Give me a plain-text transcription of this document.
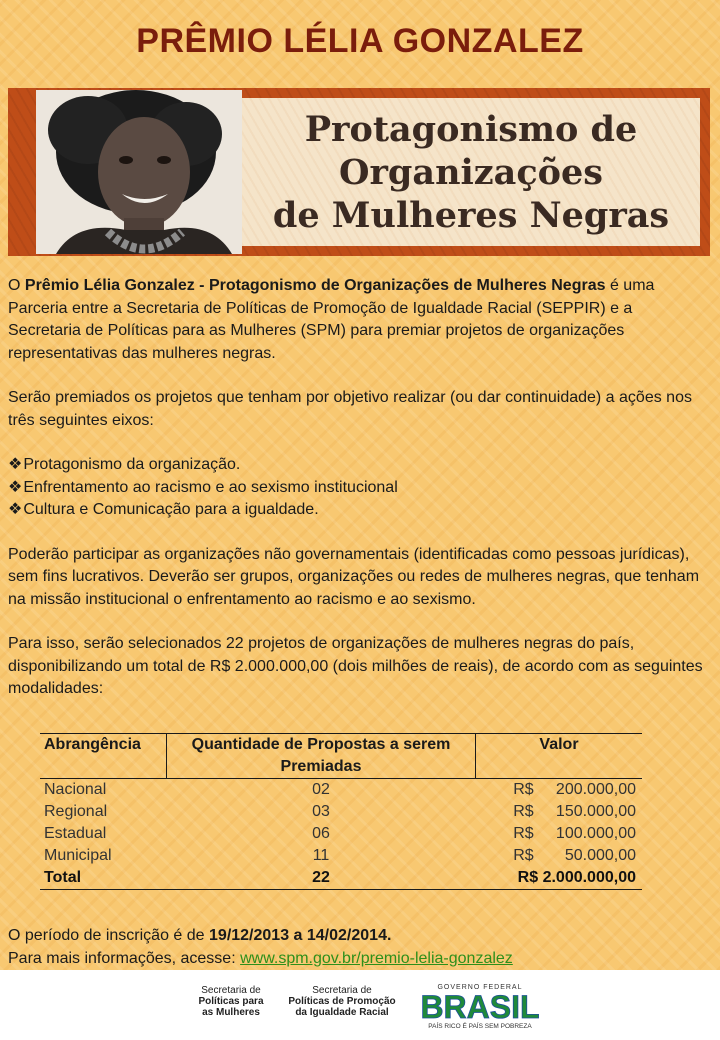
PRÊMIO LÉLIA GONZALEZ
Protagonismo de
Organizações
de Mulheres Negras

O Prêmio Lélia Gonzalez - Protagonismo de Organizações de Mulheres Negras é uma Parceria entre a Secretaria de Políticas de Promoção de Igualdade Racial (SEPPIR) e a Secretaria de Políticas para as Mulheres (SPM) para premiar projetos de organizações representativas das mulheres negras.

Serão premiados os projetos que tenham por objetivo realizar (ou dar continuidade) a ações nos três seguintes eixos:

❖Protagonismo da organização.
❖Enfrentamento ao racismo e ao sexismo institucional
❖Cultura e Comunicação para a igualdade.

Poderão participar as organizações não governamentais (identificadas como pessoas jurídicas), sem fins lucrativos. Deverão ser grupos, organizações ou redes de mulheres negras, que tenham na missão institucional o enfrentamento ao racismo e ao sexismo.

Para isso, serão selecionados 22 projetos de organizações de mulheres negras do país, disponibilizando um total de R$ 2.000.000,00 (dois milhões de reais), de acordo com as seguintes modalidades:

Abrangência	Quantidade de Propostas a serem Premiadas	Valor
Nacional	02	R$     200.000,00
Regional	03	R$     150.000,00
Estadual	06	R$     100.000,00
Municipal	11	R$       50.000,00
Total	22	R$ 2.000.000,00
O período de inscrição é de 19/12/2013 a 14/02/2014.
Para mais informações, acesse: www.spm.gov.br/premio-lelia-gonzalez
Secretaria de
Políticas para
as Mulheres
Secretaria de
Políticas de Promoção
da Igualdade Racial
GOVERNO FEDERAL
BRASIL
PAÍS RICO É PAÍS SEM POBREZA
